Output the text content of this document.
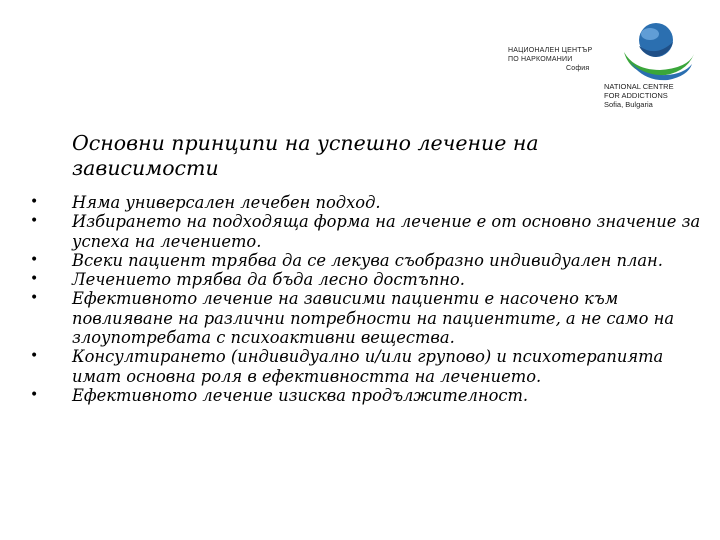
НАЦИОНАЛЕН ЦЕНТЪР
ПО НАРКОМАНИИ
София
NATIONAL CENTRE
FOR ADDICTIONS
Sofia, Bulgaria
Основни принципи на успешно лечение на зависимости
• Няма универсален лечебен подход.
• Избирането на подходяща форма на лечение е от основно значение за успеха на лечението.
• Всеки пациент трябва да се лекува съобразно индивидуален план.
• Лечението трябва да бъда лесно достъпно.
• Ефективното лечение на зависими пациенти е насочено към повлияване на различни потребности на пациентите, а не само на злоупотребата с психоактивни вещества.
• Консултирането (индивидуално и/или групово) и психотерапията имат основна роля в ефективността на лечението.
• Ефективното лечение изисква продължителност.
